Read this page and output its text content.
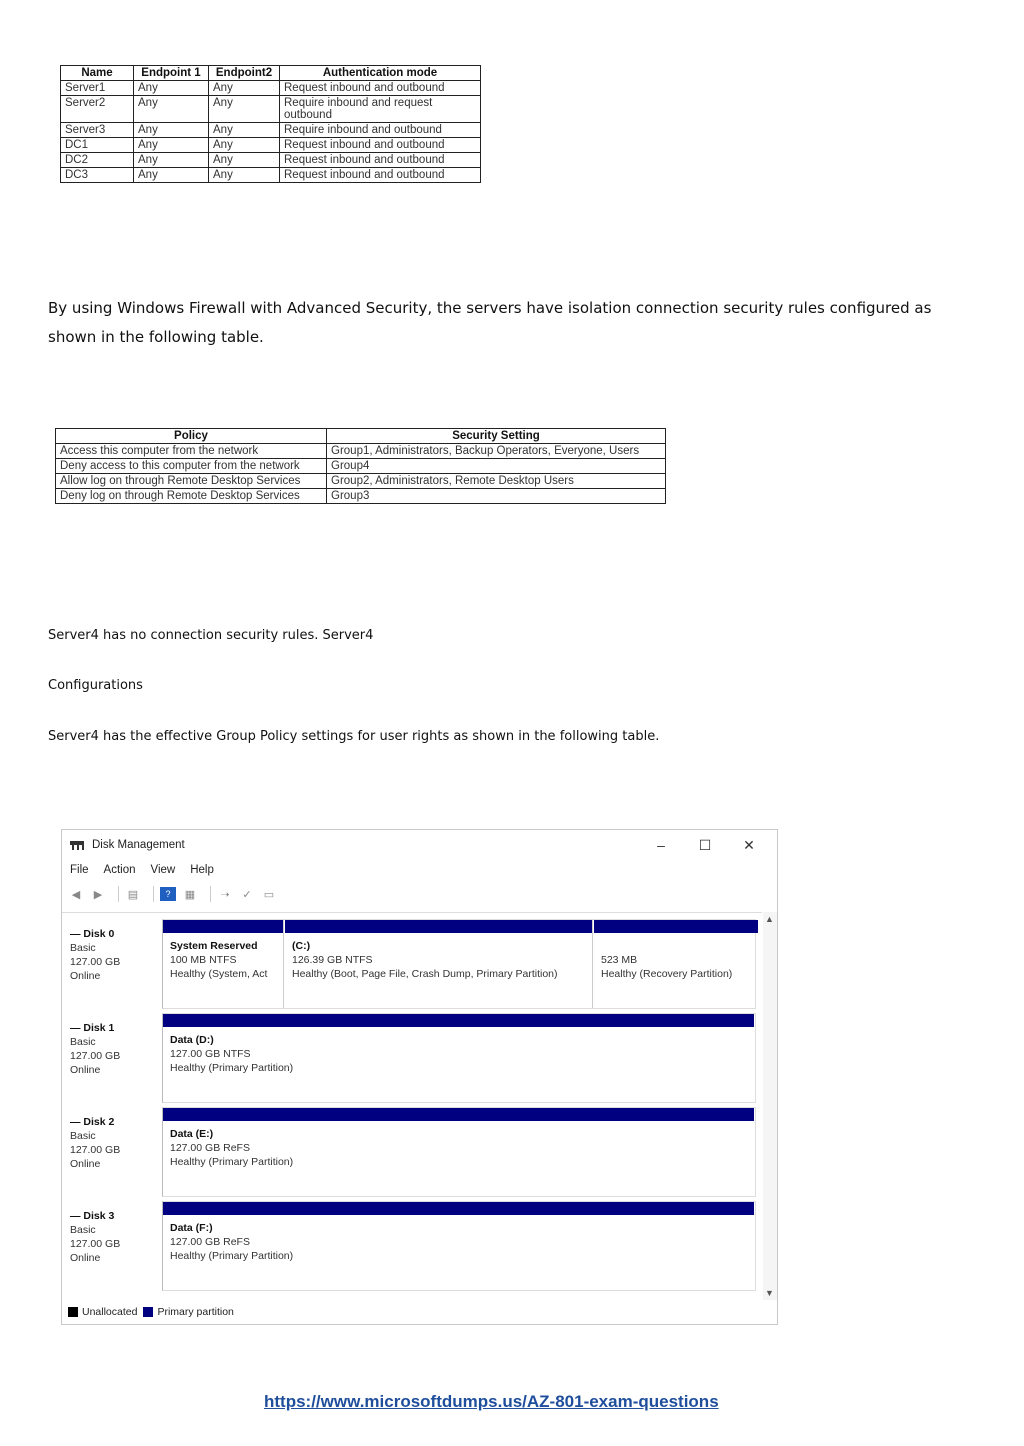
Name	Endpoint 1	Endpoint2	Authentication mode
Server1	Any	Any	Request inbound and outbound
Server2	Any	Any	Require inbound and request outbound
Server3	Any	Any	Require inbound and outbound
DC1	Any	Any	Request inbound and outbound
DC2	Any	Any	Request inbound and outbound
DC3	Any	Any	Request inbound and outbound

By using Windows Firewall with Advanced Security, the servers have isolation connection security rules configured as shown in the following table.

Policy	Security Setting
Access this computer from the network	Group1, Administrators, Backup Operators, Everyone, Users
Deny access to this computer from the network	Group4
Allow log on through Remote Desktop Services	Group2, Administrators, Remote Desktop Users
Deny log on through Remote Desktop Services	Group3
Server4 has no connection security rules. Server4
Configurations
Server4 has the effective Group Policy settings for user rights as shown in the following table.
Disk Management	–	☐	✕
File Action View Help
◀	▶	▤	?	▦	➝	✓	▭
— Disk 0
Basic
127.00 GB
Online
System Reserved
100 MB NTFS
Healthy (System, Act
(C:)
126.39 GB NTFS
Healthy (Boot, Page File, Crash Dump, Primary Partition)
523 MB
Healthy (Recovery Partition)
— Disk 1
Basic
127.00 GB
Online
Data (D:)
127.00 GB NTFS
Healthy (Primary Partition)
— Disk 2
Basic
127.00 GB
Online
Data (E:)
127.00 GB ReFS
Healthy (Primary Partition)
— Disk 3
Basic
127.00 GB
Online
Data (F:)
127.00 GB ReFS
Healthy (Primary Partition)
▲
▼
Unallocated Primary partition
https://www.microsoftdumps.us/AZ-801-exam-questions
